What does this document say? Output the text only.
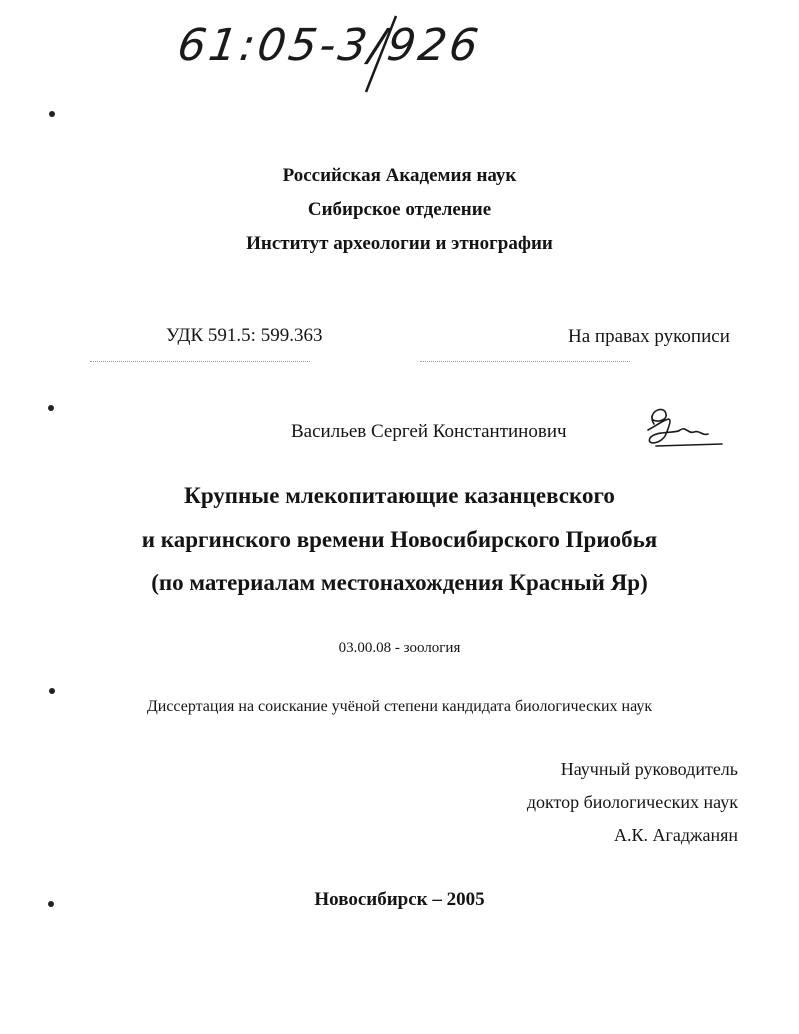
61:05-3/926
Российская Академия наук
Сибирское отделение
Институт археологии и этнографии
УДК 591.5: 599.363	На правах рукописи
Васильев Сергей Константинович
Крупные млекопитающие казанцевского
и каргинского времени Новосибирского Приобья
(по материалам местонахождения Красный Яр)
03.00.08 - зоология
Диссертация на соискание учёной степени кандидата биологических наук
Научный руководитель
доктор биологических наук
А.К. Агаджанян
Новосибирск – 2005
